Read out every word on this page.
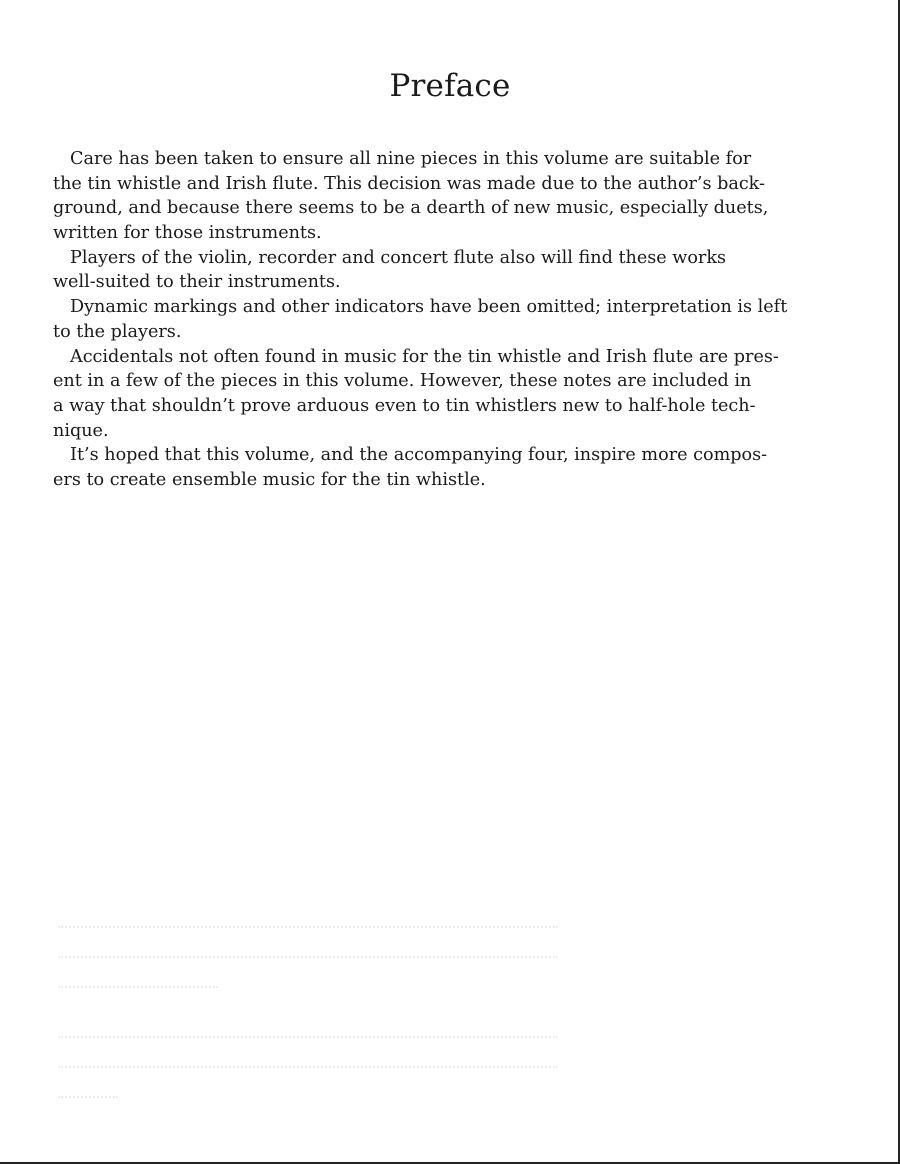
Preface
Care has been taken to ensure all nine pieces in this volume are suitable for
the tin whistle and Irish flute. This decision was made due to the author’s back-
ground, and because there seems to be a dearth of new music, especially duets,
written for those instruments.
Players of the violin, recorder and concert flute also will find these works
well-suited to their instruments.
Dynamic markings and other indicators have been omitted; interpretation is left
to the players.
Accidentals not often found in music for the tin whistle and Irish flute are pres-
ent in a few of the pieces in this volume. However, these notes are included in
a way that shouldn’t prove arduous even to tin whistlers new to half-hole tech-
nique.
It’s hoped that this volume, and the accompanying four, inspire more compos-
ers to create ensemble music for the tin whistle.
